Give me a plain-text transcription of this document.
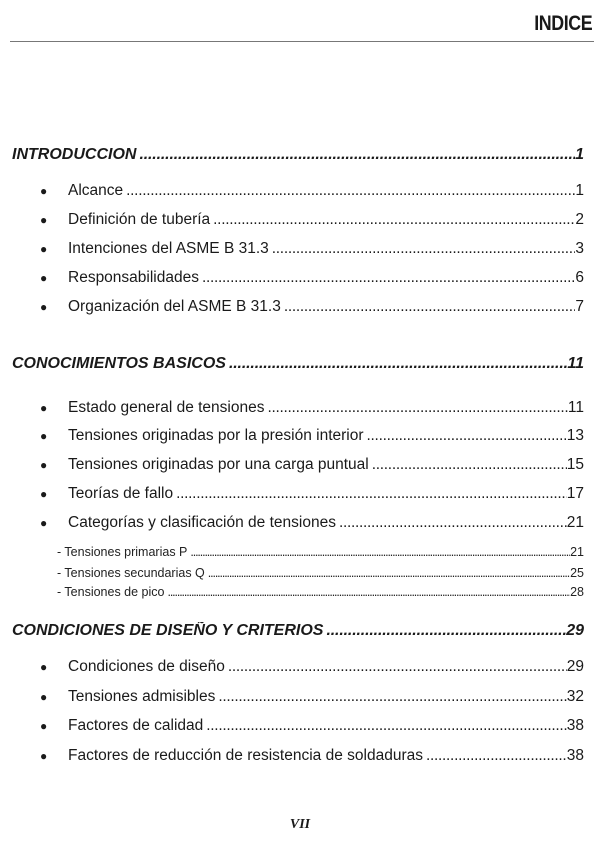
INDICE
INTRODUCCION . . .	1
●	Alcance . . .	1
●	Definición de tubería . . .	2
●	Intenciones del ASME B 31.3 . . .	3
●	Responsabilidades . . .	6
●	Organización del ASME B 31.3 . . .	7
CONOCIMIENTOS BASICOS . . .	11
●	Estado general de tensiones . . .	11
●	Tensiones originadas por la presión interior . . .	13
●	Tensiones originadas por una carga puntual . . .	15
●	Teorías de fallo . . .	17
●	Categorías y clasificación de tensiones . . .	21
- Tensiones primarias P . . .	21
- Tensiones secundarias Q . . .	25
- Tensiones de pico . . .	28
CONDICIONES DE DISEÑO Y CRITERIOS . . .	29
●	Condiciones de diseño . . .	29
●	Tensiones admisibles . . .	32
●	Factores de calidad . . .	38
●	Factores de reducción de resistencia de soldaduras . . .	38
VII
